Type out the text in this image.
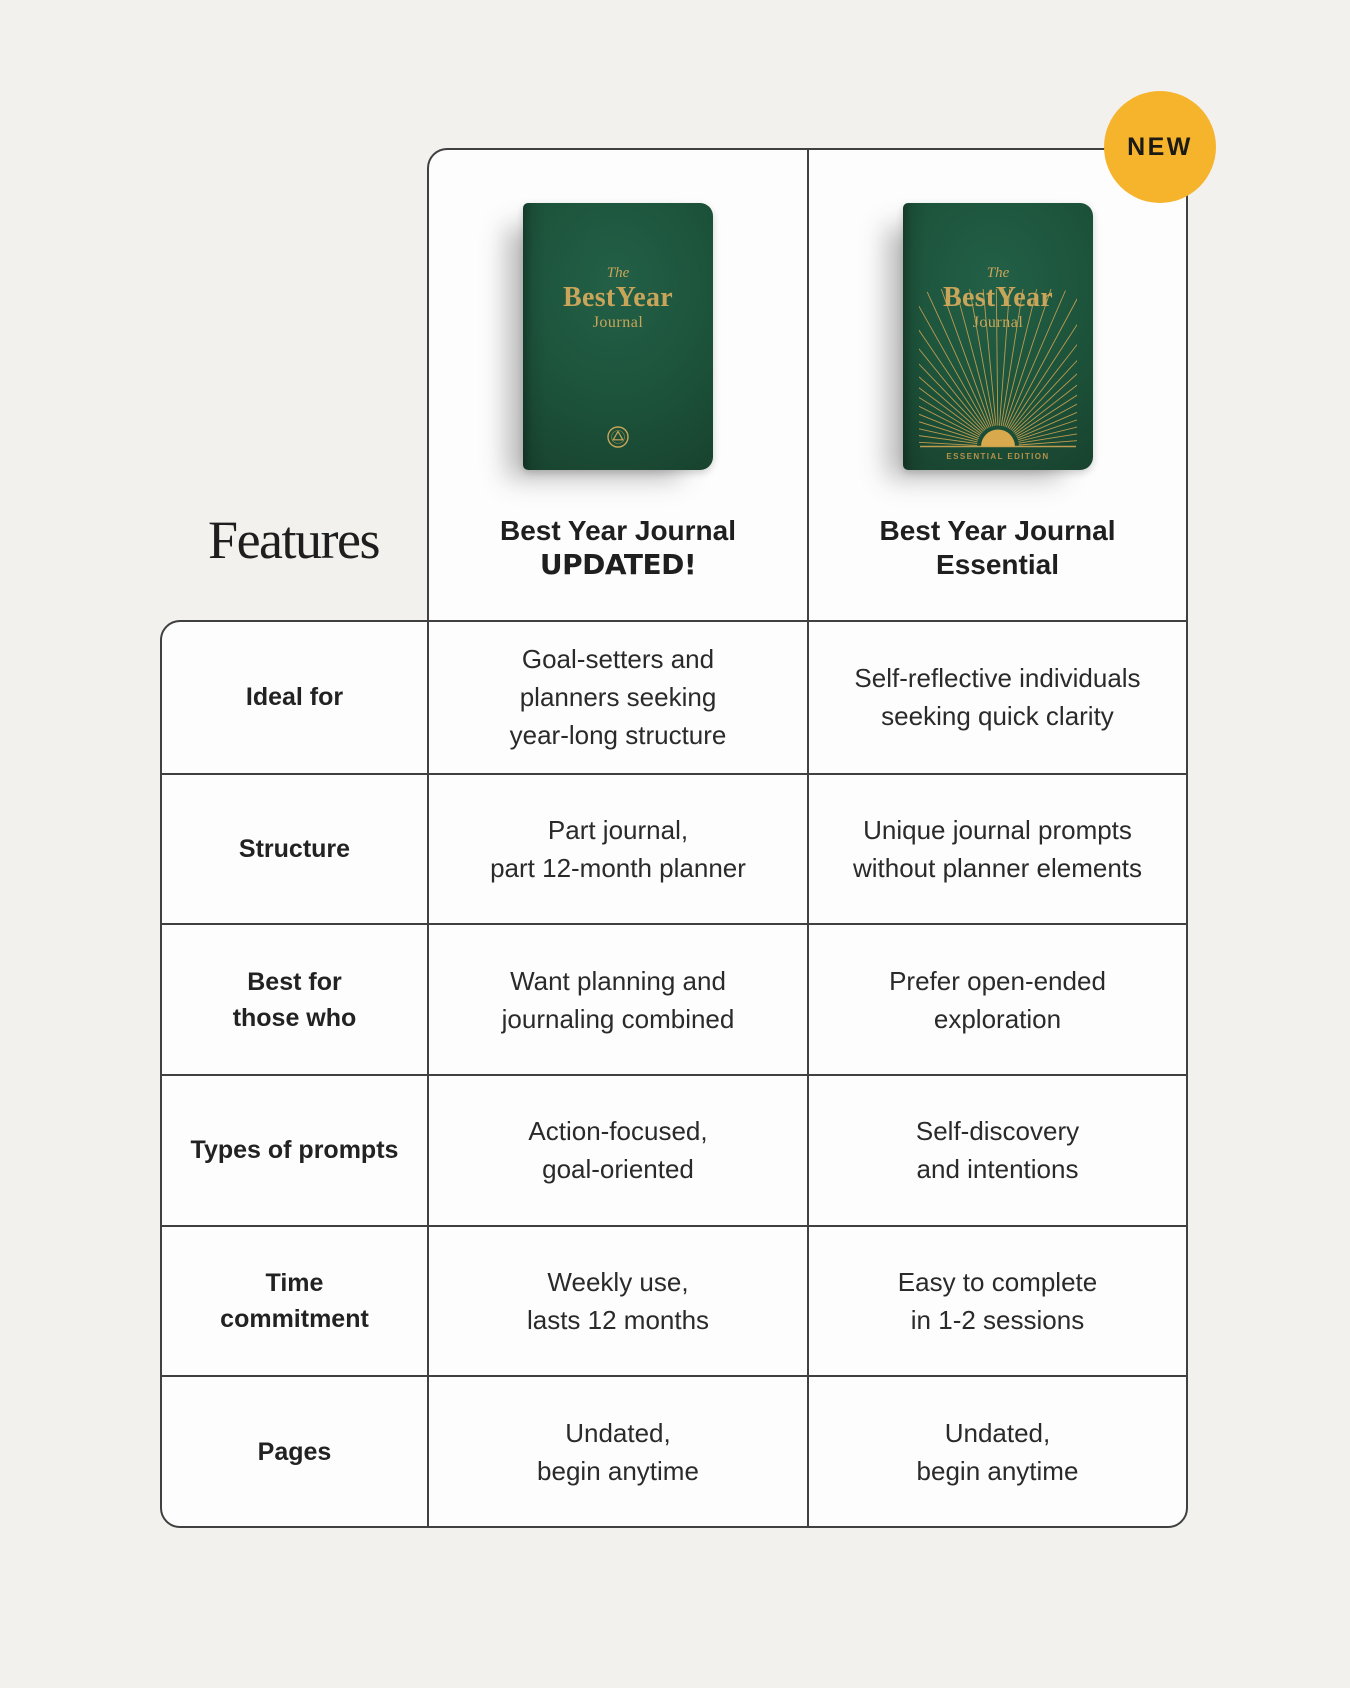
NEW
The
Best Year
Journal
The
Best Year
Journal
ESSENTIAL EDITION
Best Year Journal
UPDATED!
Best Year Journal
Essential
Features
Ideal for
Goal-setters and
planners seeking
year-long structure
Self-reflective individuals
seeking quick clarity
Structure
Part journal,
part 12-month planner
Unique journal prompts
without planner elements
Best for
those who
Want planning and
journaling combined
Prefer open-ended
exploration
Types of prompts
Action-focused,
goal-oriented
Self-discovery
and intentions
Time
commitment
Weekly use,
lasts 12 months
Easy to complete
in 1-2 sessions
Pages
Undated,
begin anytime
Undated,
begin anytime
